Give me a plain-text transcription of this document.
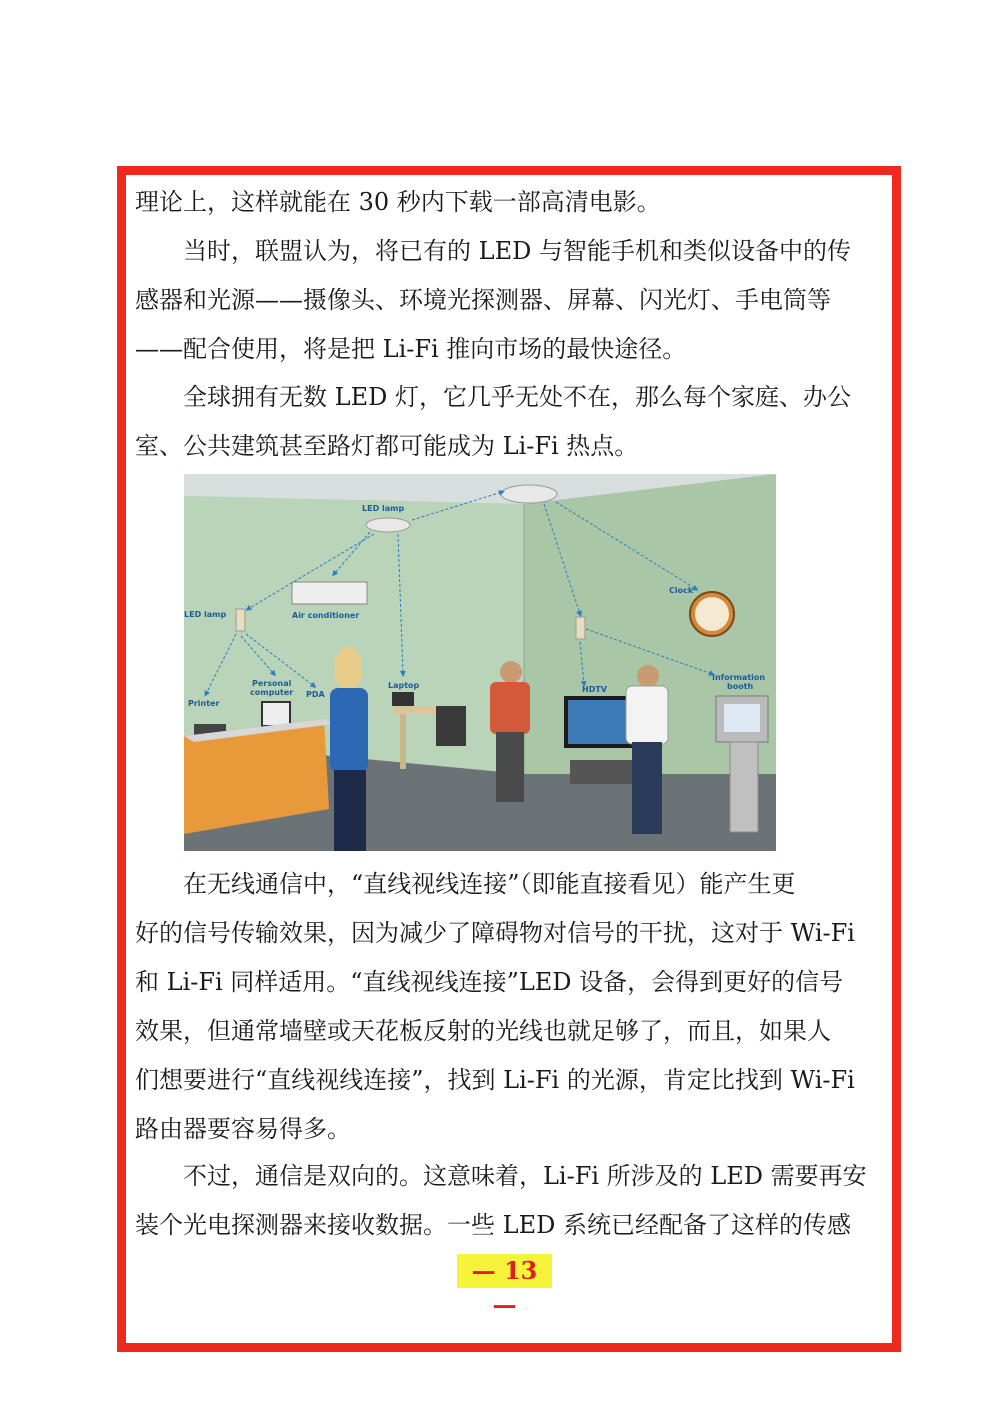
理论上，这样就能在 30 秒内下载一部高清电影。
　　当时，联盟认为，将已有的 LED 与智能手机和类似设备中的传
感器和光源——摄像头、环境光探测器、屏幕、闪光灯、手电筒等
——配合使用，将是把 Li-Fi 推向市场的最快途径。
　　全球拥有无数 LED 灯，它几乎无处不在，那么每个家庭、办公
室、公共建筑甚至路灯都可能成为 Li-Fi 热点。
LED lamp
LED lamp	Air conditioner
Clock
Printer
Personal
computer PDA
Laptop	HDTV
Information
booth
　　在无线通信中，“直线视线连接”（即能直接看见）能产生更
好的信号传输效果，因为减少了障碍物对信号的干扰，这对于 Wi-Fi
和 Li-Fi 同样适用。“直线视线连接”LED 设备，会得到更好的信号
效果，但通常墙壁或天花板反射的光线也就足够了，而且，如果人
们想要进行“直线视线连接”，找到 Li-Fi 的光源，肯定比找到 Wi-Fi
路由器要容易得多。
　　不过，通信是双向的。这意味着，Li-Fi 所涉及的 LED 需要再安
装个光电探测器来接收数据。一些 LED 系统已经配备了这样的传感
— 13 —
